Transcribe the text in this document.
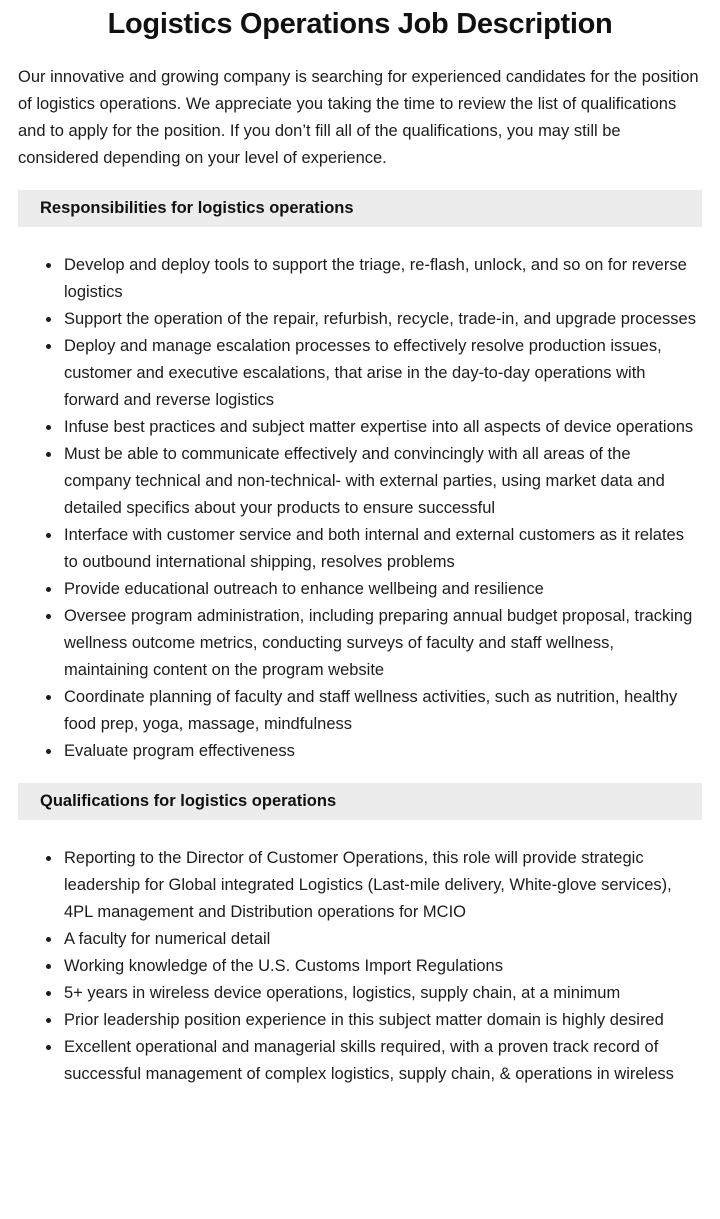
Logistics Operations Job Description

Our innovative and growing company is searching for experienced candidates for the position of logistics operations. We appreciate you taking the time to review the list of qualifications and to apply for the position. If you don’t fill all of the qualifications, you may still be considered depending on your level of experience.

Responsibilities for logistics operations
• Develop and deploy tools to support the triage, re-flash, unlock, and so on for reverse logistics
• Support the operation of the repair, refurbish, recycle, trade-in, and upgrade processes
• Deploy and manage escalation processes to effectively resolve production issues, customer and executive escalations, that arise in the day-to-day operations with forward and reverse logistics
• Infuse best practices and subject matter expertise into all aspects of device operations
• Must be able to communicate effectively and convincingly with all areas of the company technical and non-technical- with external parties, using market data and detailed specifics about your products to ensure successful
• Interface with customer service and both internal and external customers as it relates to outbound international shipping, resolves problems
• Provide educational outreach to enhance wellbeing and resilience
• Oversee program administration, including preparing annual budget proposal, tracking wellness outcome metrics, conducting surveys of faculty and staff wellness, maintaining content on the program website
• Coordinate planning of faculty and staff wellness activities, such as nutrition, healthy food prep, yoga, massage, mindfulness
• Evaluate program effectiveness
Qualifications for logistics operations
• Reporting to the Director of Customer Operations, this role will provide strategic leadership for Global integrated Logistics (Last-mile delivery, White-glove services), 4PL management and Distribution operations for MCIO
• A faculty for numerical detail
• Working knowledge of the U.S. Customs Import Regulations
• 5+ years in wireless device operations, logistics, supply chain, at a minimum
• Prior leadership position experience in this subject matter domain is highly desired
• Excellent operational and managerial skills required, with a proven track record of successful management of complex logistics, supply chain, & operations in wireless
